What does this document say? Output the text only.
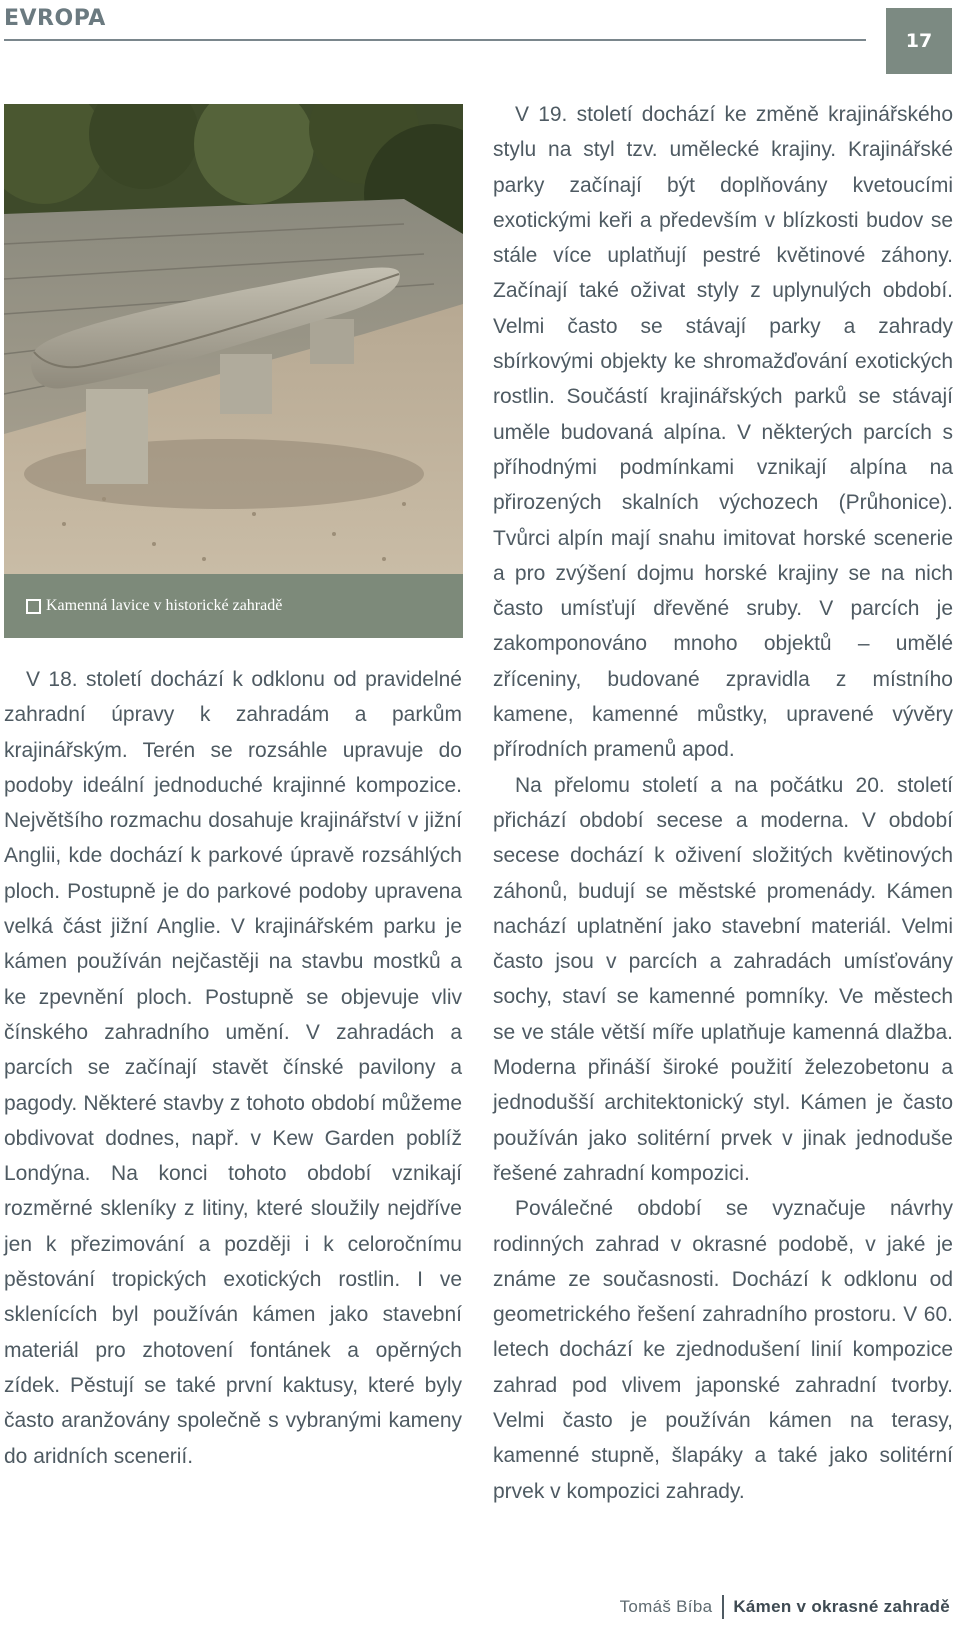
EVROPA
17
Kamenná lavice v historické zahradě

V 18. století dochází k odklonu od pravidelné zahradní úpravy k zahradám a parkům krajinářským. Terén se rozsáhle upravuje do podoby ideální jednoduché krajinné kompozice. Největšího rozmachu dosahuje krajinářství v jižní Anglii, kde dochází k parkové úpravě rozsáhlých ploch. Postupně je do parkové podoby upravena velká část jižní Anglie. V krajinářském parku je kámen používán nejčastěji na stavbu mostků a ke zpevnění ploch. Postupně se objevuje vliv čínského zahradního umění. V zahradách a parcích se začínají stavět čínské pavilony a pagody. Některé stavby z tohoto období můžeme obdivovat dodnes, např. v Kew Garden poblíž Londýna. Na konci tohoto období vznikají rozměrné skleníky z litiny, které sloužily nejdříve jen k přezimování a později i k celoročnímu pěstování tropických exotických rostlin. I ve sklenících byl používán kámen jako stavební materiál pro zhotovení fontánek a opěrných zídek. Pěstují se také první kaktusy, které byly často aranžovány společně s vybranými kameny do aridních scenerií.

V 19. století dochází ke změně krajinářského stylu na styl tzv. umělecké krajiny. Krajinářské parky začínají být doplňovány kvetoucími exotickými keři a především v blízkosti budov se stále více uplatňují pestré květinové záhony. Začínají také oživat styly z uplynulých období. Velmi často se stávají parky a zahrady sbírkovými objekty ke shromažďování exotických rostlin. Součástí krajinářských parků se stávají uměle budovaná alpína. V některých parcích s příhodnými podmínkami vznikají alpína na přirozených skalních výchozech (Průhonice). Tvůrci alpín mají snahu imitovat horské scenerie a pro zvýšení dojmu horské krajiny se na nich často umísťují dřevěné sruby. V parcích je zakomponováno mnoho objektů – umělé zříceniny, budované zpravidla z místního kamene, kamenné můstky, upravené vývěry přírodních pramenů apod.

Na přelomu století a na počátku 20. století přichází období secese a moderna. V období secese dochází k oživení složitých květinových záhonů, budují se městské promenády. Kámen nachází uplatnění jako stavební materiál. Velmi často jsou v parcích a zahradách umísťovány sochy, staví se kamenné pomníky. Ve městech se ve stále větší míře uplatňuje kamenná dlažba. Moderna přináší široké použití železobetonu a jednodušší architektonický styl. Kámen je často používán jako solitérní prvek v jinak jednoduše řešené zahradní kompozici.

Poválečné období se vyznačuje návrhy rodinných zahrad v okrasné podobě, v jaké je známe ze současnosti. Dochází k odklonu od geometrického řešení zahradního prostoru. V 60. letech dochází ke zjednodušení linií kompozice zahrad pod vlivem japonské zahradní tvorby. Velmi často je používán kámen na terasy, kamenné stupně, šlapáky a také jako solitérní prvek v kompozici zahrady.

Tomáš Bíba Kámen v okrasné zahradě
